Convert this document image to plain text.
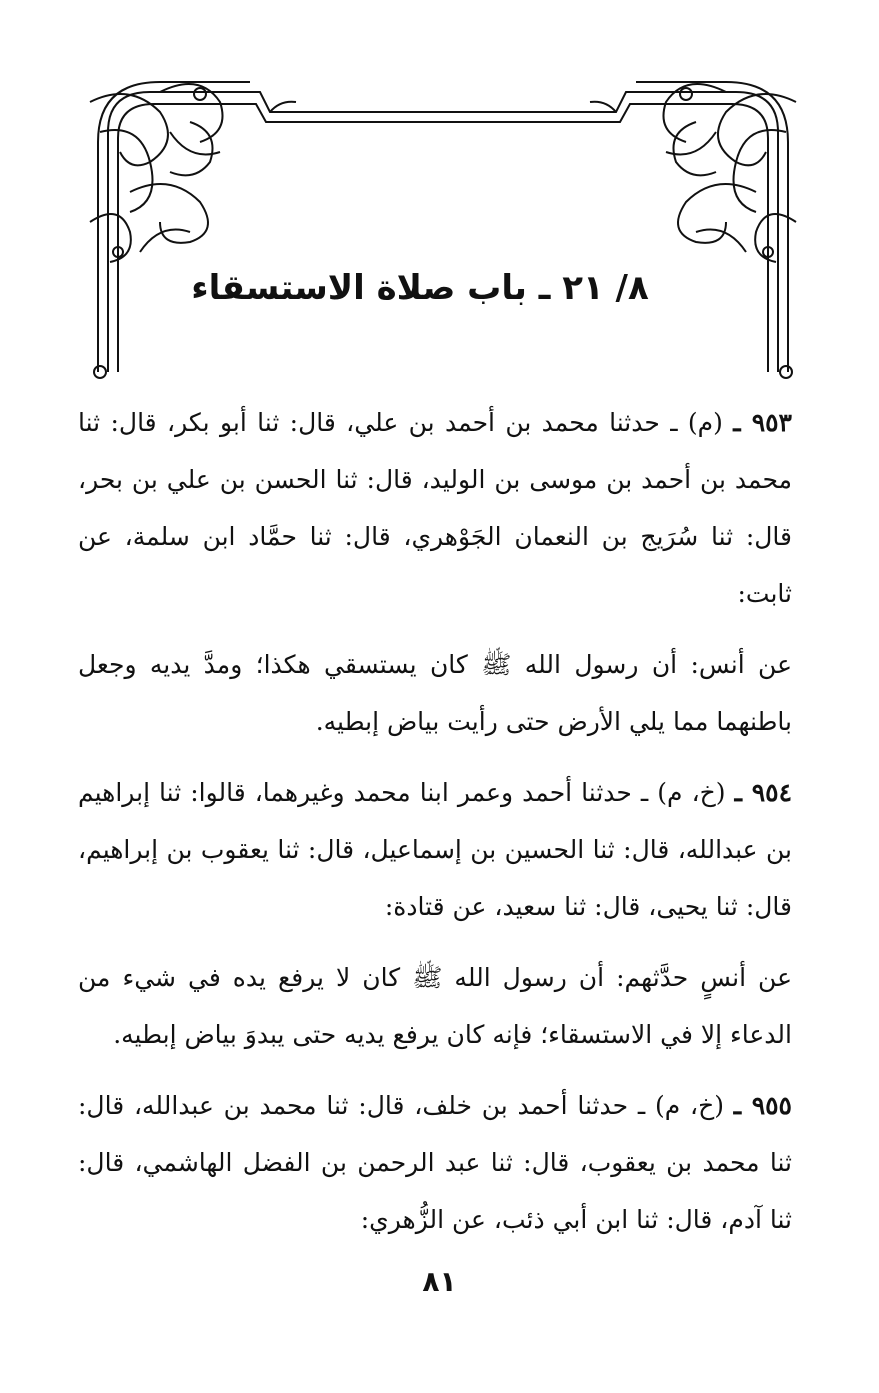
٨/ ٢١ ـ باب صلاة الاستسقاء

٩٥٣ ـ (م) ـ حدثنا محمد بن أحمد بن علي، قال: ثنا أبو بكر، قال: ثنا محمد بن أحمد بن موسى بن الوليد، قال: ثنا الحسن بن علي بن بحر، قال: ثنا سُرَيج بن النعمان الجَوْهري، قال: ثنا حمَّاد ابن سلمة، عن ثابت:

عن أنس: أن رسول الله ﷺ كان يستسقي هكذا؛ ومدَّ يديه وجعل باطنهما مما يلي الأرض حتى رأيت بياض إبطيه.

٩٥٤ ـ (خ، م) ـ حدثنا أحمد وعمر ابنا محمد وغيرهما، قالوا: ثنا إبراهيم بن عبدالله، قال: ثنا الحسين بن إسماعيل، قال: ثنا يعقوب بن إبراهيم، قال: ثنا يحيى، قال: ثنا سعيد، عن قتادة:

عن أنسٍ حدَّثهم: أن رسول الله ﷺ كان لا يرفع يده في شيء من الدعاء إلا في الاستسقاء؛ فإنه كان يرفع يديه حتى يبدوَ بياض إبطيه.

٩٥٥ ـ (خ، م) ـ حدثنا أحمد بن خلف، قال: ثنا محمد بن عبدالله، قال: ثنا محمد بن يعقوب، قال: ثنا عبد الرحمن بن الفضل الهاشمي، قال: ثنا آدم، قال: ثنا ابن أبي ذئب، عن الزُّهري:

٨١
